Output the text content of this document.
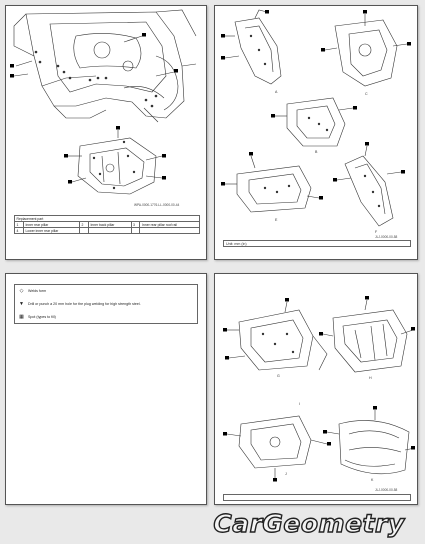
WPA-0000-1776-LL-0000-00-44
Replacement part					
1	Inner rear pillar	2	Inner back pillar	3	Inner rear pillar roof rail
4	Lower inner rear pillar				
A
B
C
E
F
JLJ-0000-00-58
Unit: mm (in)
◇ Welds form
▼ Drill or punch a 20 mm hole for the plug welding for high strength steel.
▦ Spot (types to fill)
G	H
I
J
K
JLJ-0000-00-58
CarGeometry
